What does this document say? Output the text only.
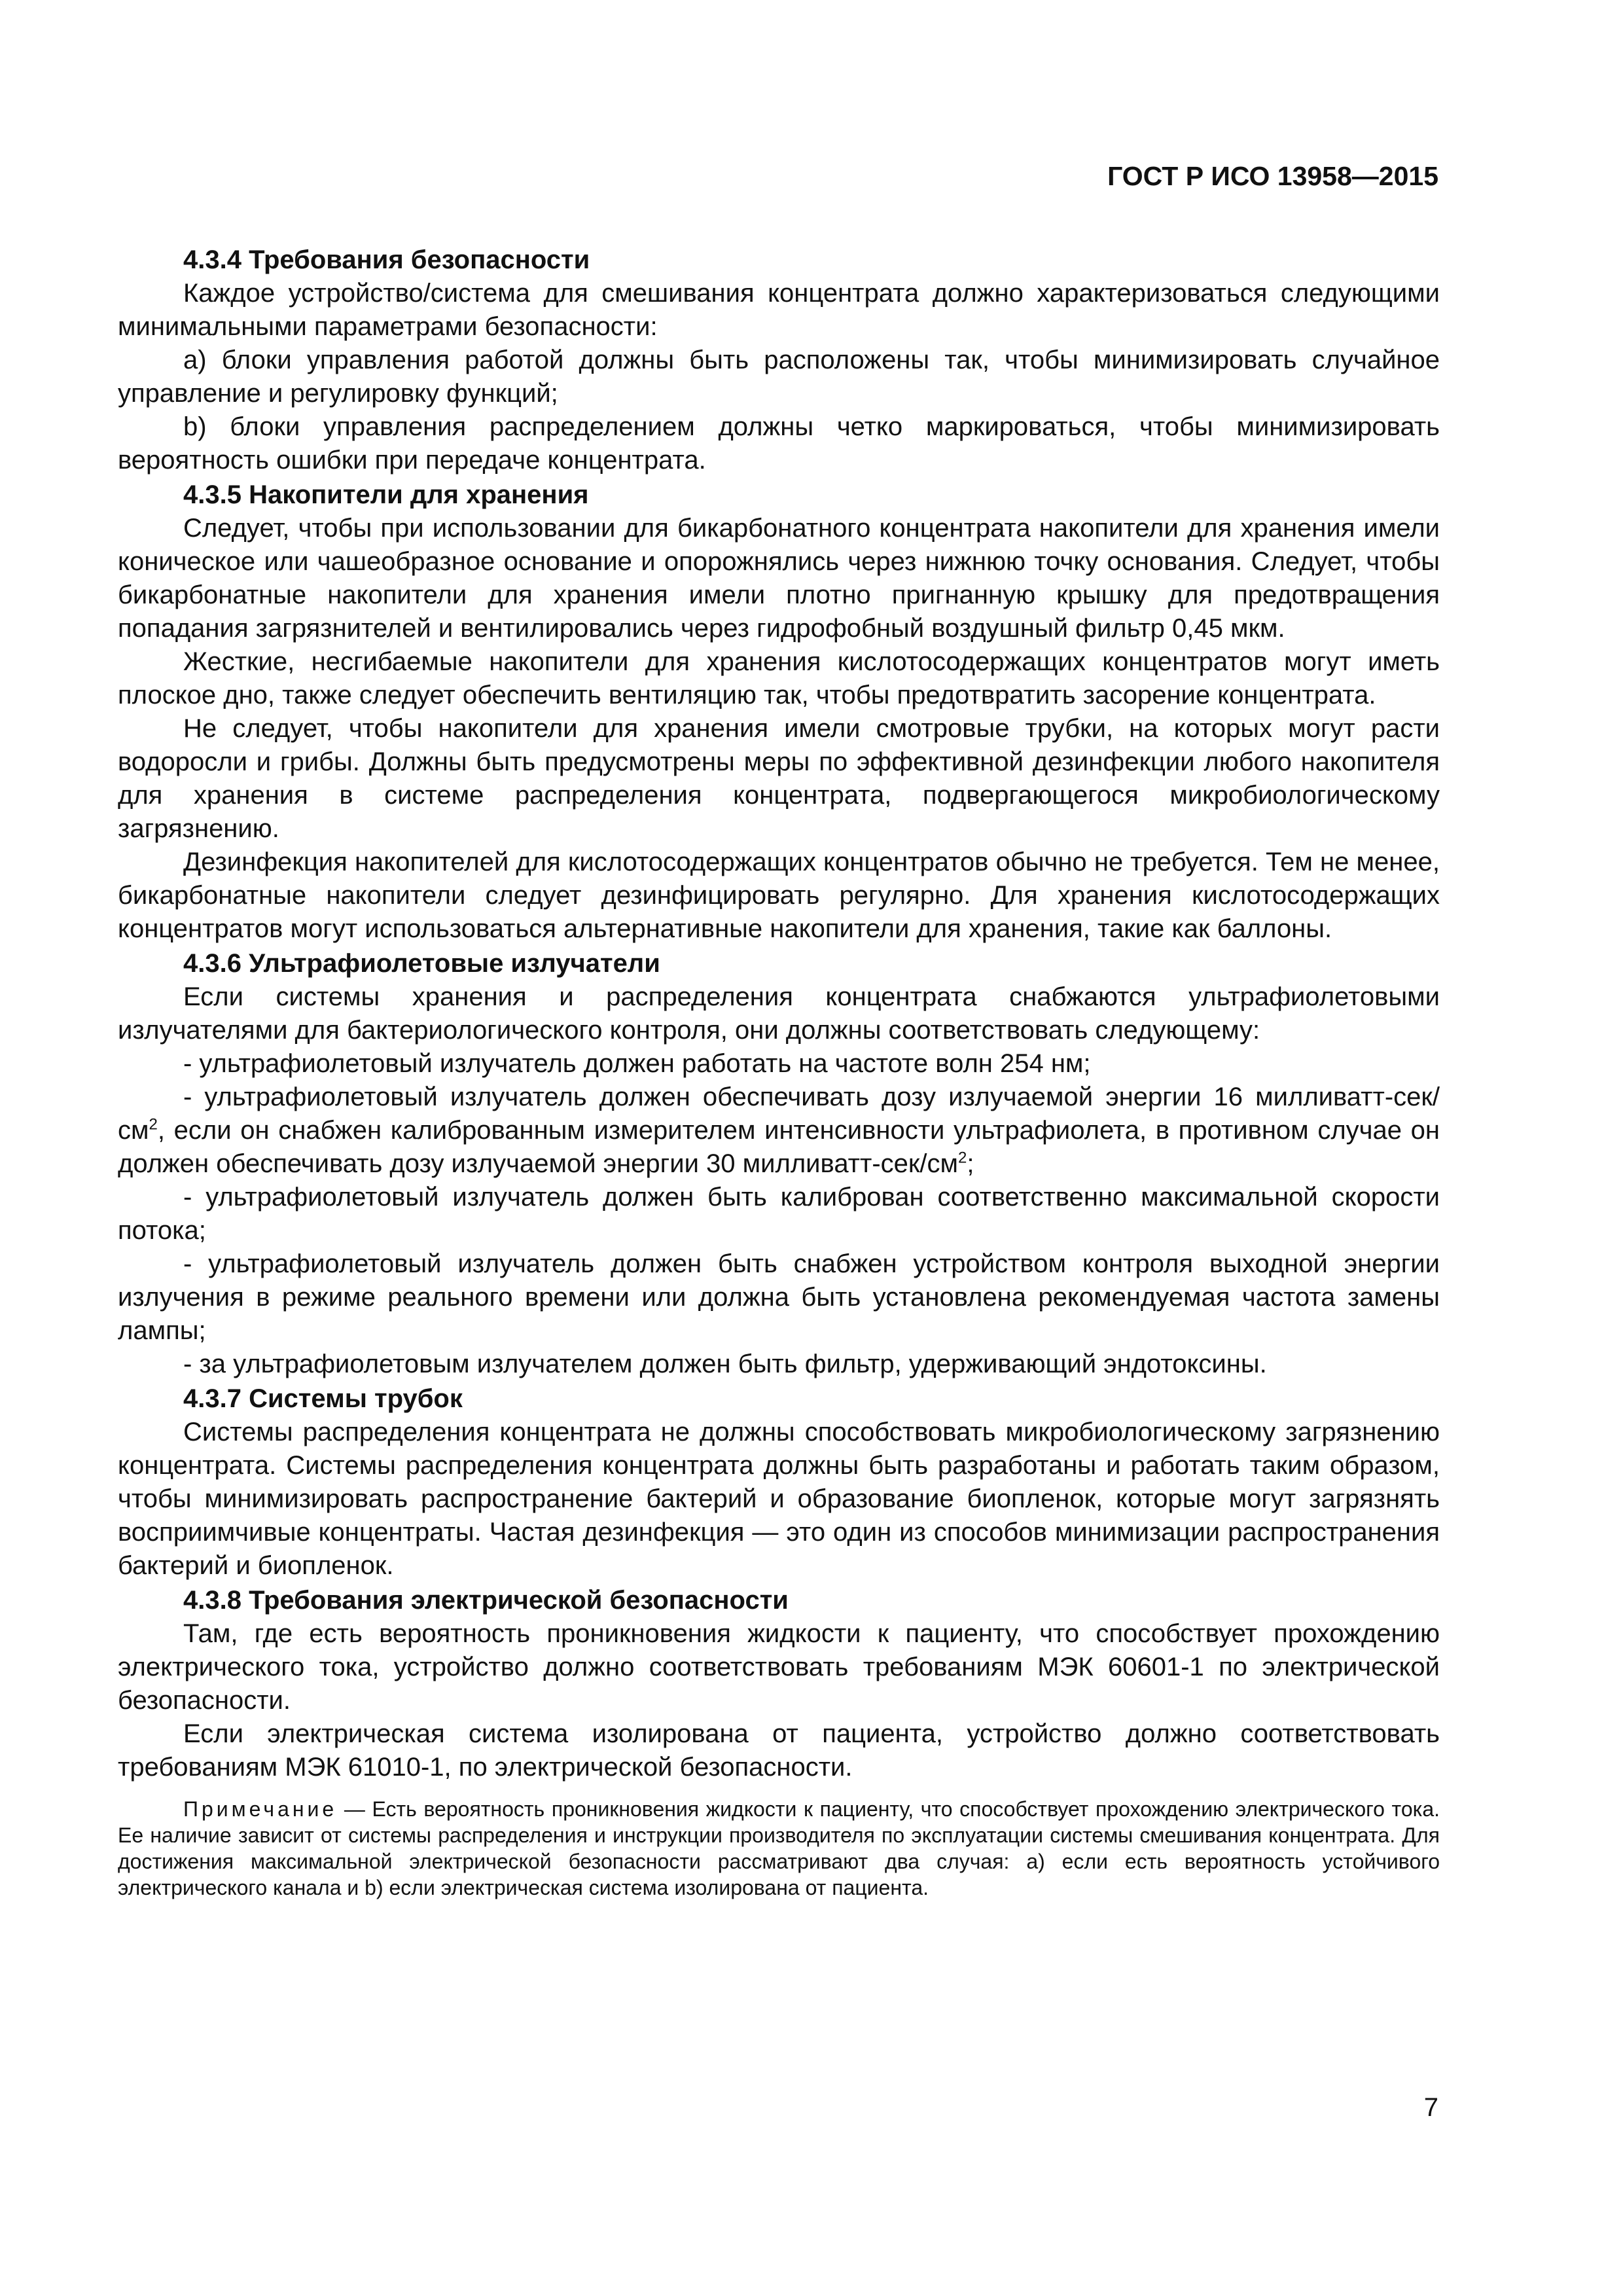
ГОСТ Р ИСО 13958—2015

4.3.4 Требования безопасности

Каждое устройство/система для смешивания концентрата должно характеризоваться следующими минимальными параметрами безопасности:

a) блоки управления работой должны быть расположены так, чтобы минимизировать случайное управление и регулировку функций;

b) блоки управления распределением должны четко маркироваться, чтобы минимизировать вероятность ошибки при передаче концентрата.

4.3.5 Накопители для хранения

Следует, чтобы при использовании для бикарбонатного концентрата накопители для хранения имели коническое или чашеобразное основание и опорожнялись через нижнюю точку основания. Следует, чтобы бикарбонатные накопители для хранения имели плотно пригнанную крышку для предотвращения попадания загрязнителей и вентилировались через гидрофобный воздушный фильтр 0,45 мкм.

Жесткие, несгибаемые накопители для хранения кислотосодержащих концентратов могут иметь плоское дно, также следует обеспечить вентиляцию так, чтобы предотвратить засорение концентрата.

Не следует, чтобы накопители для хранения имели смотровые трубки, на которых могут расти водоросли и грибы. Должны быть предусмотрены меры по эффективной дезинфекции любого накопителя для хранения в системе распределения концентрата, подвергающегося микробиологическому загрязнению.

Дезинфекция накопителей для кислотосодержащих концентратов обычно не требуется. Тем не менее, бикарбонатные накопители следует дезинфицировать регулярно. Для хранения кислотосодержащих концентратов могут использоваться альтернативные накопители для хранения, такие как баллоны.

4.3.6 Ультрафиолетовые излучатели

Если системы хранения и распределения концентрата снабжаются ультрафиолетовыми излучателями для бактериологического контроля, они должны соответствовать следующему:

- ультрафиолетовый излучатель должен работать на частоте волн 254 нм;

- ультрафиолетовый излучатель должен обеспечивать дозу излучаемой энергии 16 милливатт-$сек/см^2$, если он снабжен калиброванным измерителем интенсивности ультрафиолета, в противном случае он должен обеспечивать дозу излучаемой энергии 30 милливатт-$сек/см^2$;

- ультрафиолетовый излучатель должен быть калиброван соответственно максимальной скорости потока;

- ультрафиолетовый излучатель должен быть снабжен устройством контроля выходной энергии излучения в режиме реального времени или должна быть установлена рекомендуемая частота замены лампы;

- за ультрафиолетовым излучателем должен быть фильтр, удерживающий эндотоксины.

4.3.7 Системы трубок

Системы распределения концентрата не должны способствовать микробиологическому загрязнению концентрата. Системы распределения концентрата должны быть разработаны и работать таким образом, чтобы минимизировать распространение бактерий и образование биопленок, которые могут загрязнять восприимчивые концентраты. Частая дезинфекция — это один из способов минимизации распространения бактерий и биопленок.

4.3.8 Требования электрической безопасности

Там, где есть вероятность проникновения жидкости к пациенту, что способствует прохождению электрического тока, устройство должно соответствовать требованиям МЭК 60601-1 по электрической безопасности.

Если электрическая система изолирована от пациента, устройство должно соответствовать требованиям МЭК 61010-1, по электрической безопасности.

Примечание — Есть вероятность проникновения жидкости к пациенту, что способствует прохождению электрического тока. Ее наличие зависит от системы распределения и инструкции производителя по эксплуатации системы смешивания концентрата. Для достижения максимальной электрической безопасности рассматривают два случая: a) если есть вероятность устойчивого электрического канала и b) если электрическая система изолирована от пациента.

7
